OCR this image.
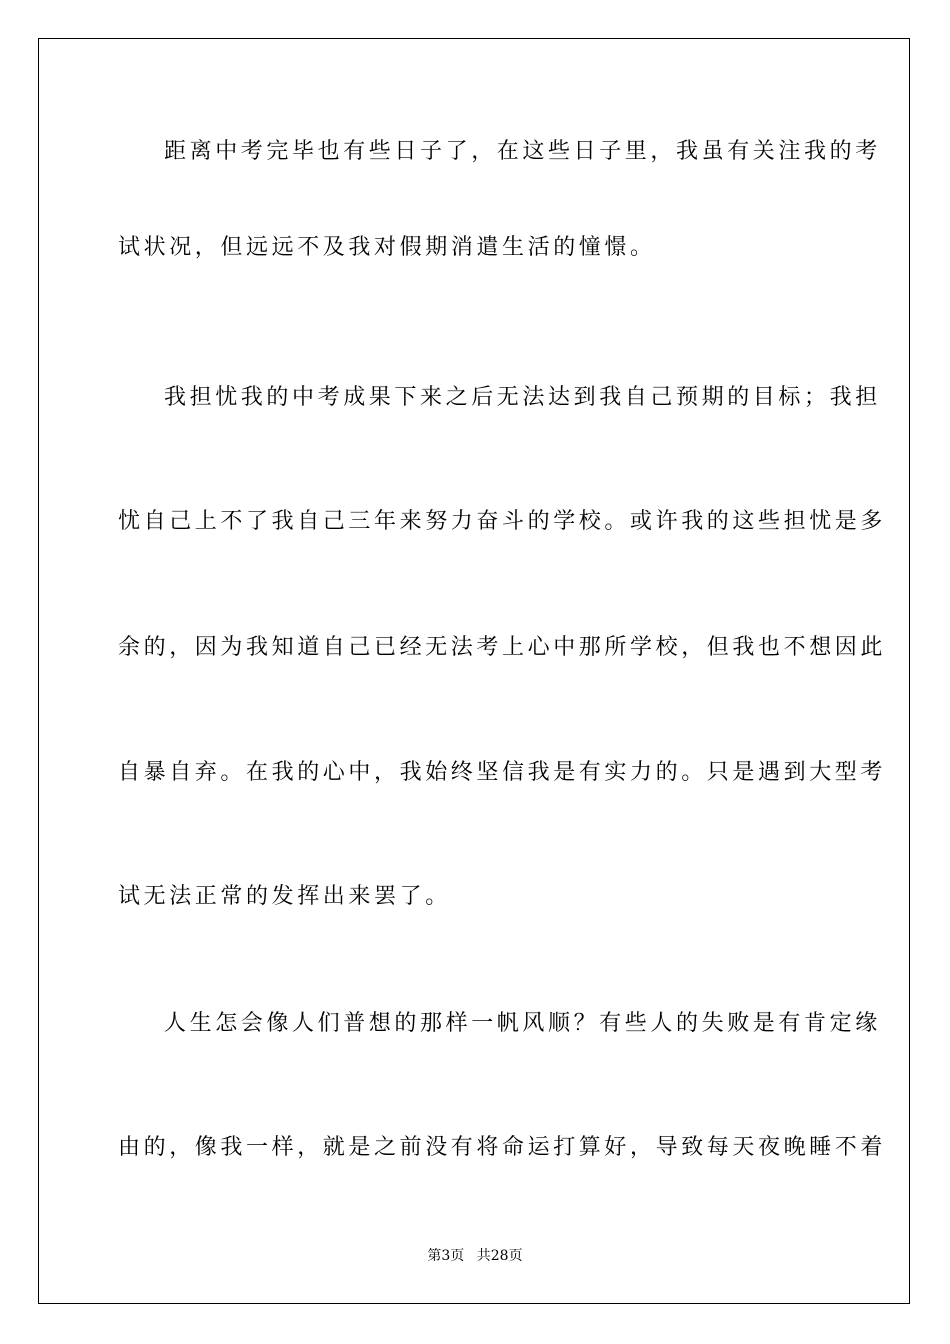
距离中考完毕也有些日子了，在这些日子里，我虽有关注我的考
试状况，但远远不及我对假期消遣生活的憧憬。
我担忧我的中考成果下来之后无法达到我自己预期的目标；我担
忧自己上不了我自己三年来努力奋斗的学校。或许我的这些担忧是多
余的，因为我知道自己已经无法考上心中那所学校，但我也不想因此
自暴自弃。在我的心中，我始终坚信我是有实力的。只是遇到大型考
试无法正常的发挥出来罢了。
人生怎会像人们普想的那样一帆风顺？有些人的失败是有肯定缘
由的，像我一样，就是之前没有将命运打算好，导致每天夜晚睡不着
第3页 共28页
